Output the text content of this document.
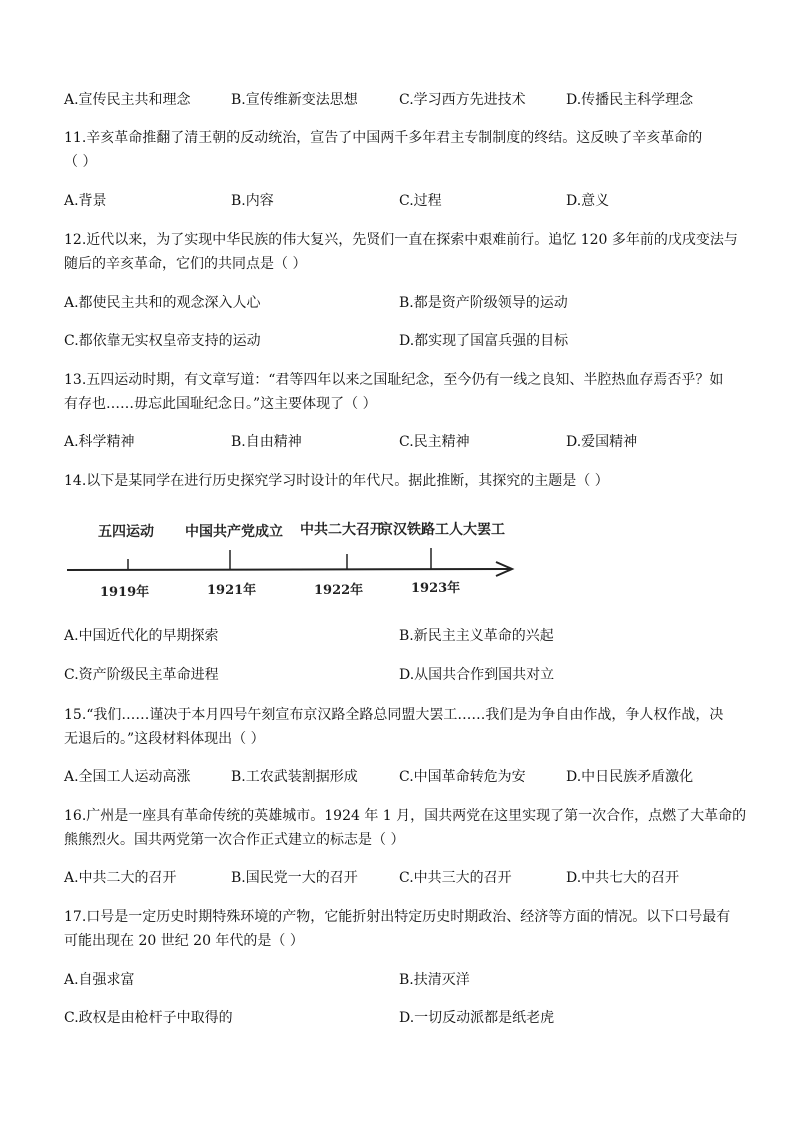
A.宣传民主共和理念	B.宣传维新变法思想	C.学习西方先进技术	D.传播民主科学理念
11.辛亥革命推翻了清王朝的反动统治，宣告了中国两千多年君主专制制度的终结。这反映了辛亥革命的
（ ）
A.背景	B.内容	C.过程	D.意义
12.近代以来，为了实现中华民族的伟大复兴，先贤们一直在探索中艰难前行。追忆 120 多年前的戊戌变法与
随后的辛亥革命，它们的共同点是（ ）
A.都使民主共和的观念深入人心	B.都是资产阶级领导的运动
C.都依靠无实权皇帝支持的运动	D.都实现了国富兵强的目标
13.五四运动时期，有文章写道：“君等四年以来之国耻纪念，至今仍有一线之良知、半腔热血存焉否乎？如
有存也……毋忘此国耻纪念日。”这主要体现了（ ）
A.科学精神	B.自由精神	C.民主精神	D.爱国精神
14.以下是某同学在进行历史探究学习时设计的年代尺。据此推断，其探究的主题是（ ）
五四运动 中国共产党成立 中共二大召开
京汉铁路工人大罢工
1919年	1921年	1922年	1923年
A.中国近代化的早期探索	B.新民主主义革命的兴起
C.资产阶级民主革命进程	D.从国共合作到国共对立
15.“我们……谨决于本月四号午刻宣布京汉路全路总同盟大罢工……我们是为争自由作战，争人权作战，决
无退后的。”这段材料体现出（ ）
A.全国工人运动高涨	B.工农武装割据形成	C.中国革命转危为安	D.中日民族矛盾激化
16.广州是一座具有革命传统的英雄城市。1924 年 1 月，国共两党在这里实现了第一次合作，点燃了大革命的
熊熊烈火。国共两党第一次合作正式建立的标志是（ ）
A.中共二大的召开	B.国民党一大的召开	C.中共三大的召开	D.中共七大的召开
17.口号是一定历史时期特殊环境的产物，它能折射出特定历史时期政治、经济等方面的情况。以下口号最有
可能出现在 20 世纪 20 年代的是（ ）
A.自强求富	B.扶清灭洋
C.政权是由枪杆子中取得的	D.一切反动派都是纸老虎
